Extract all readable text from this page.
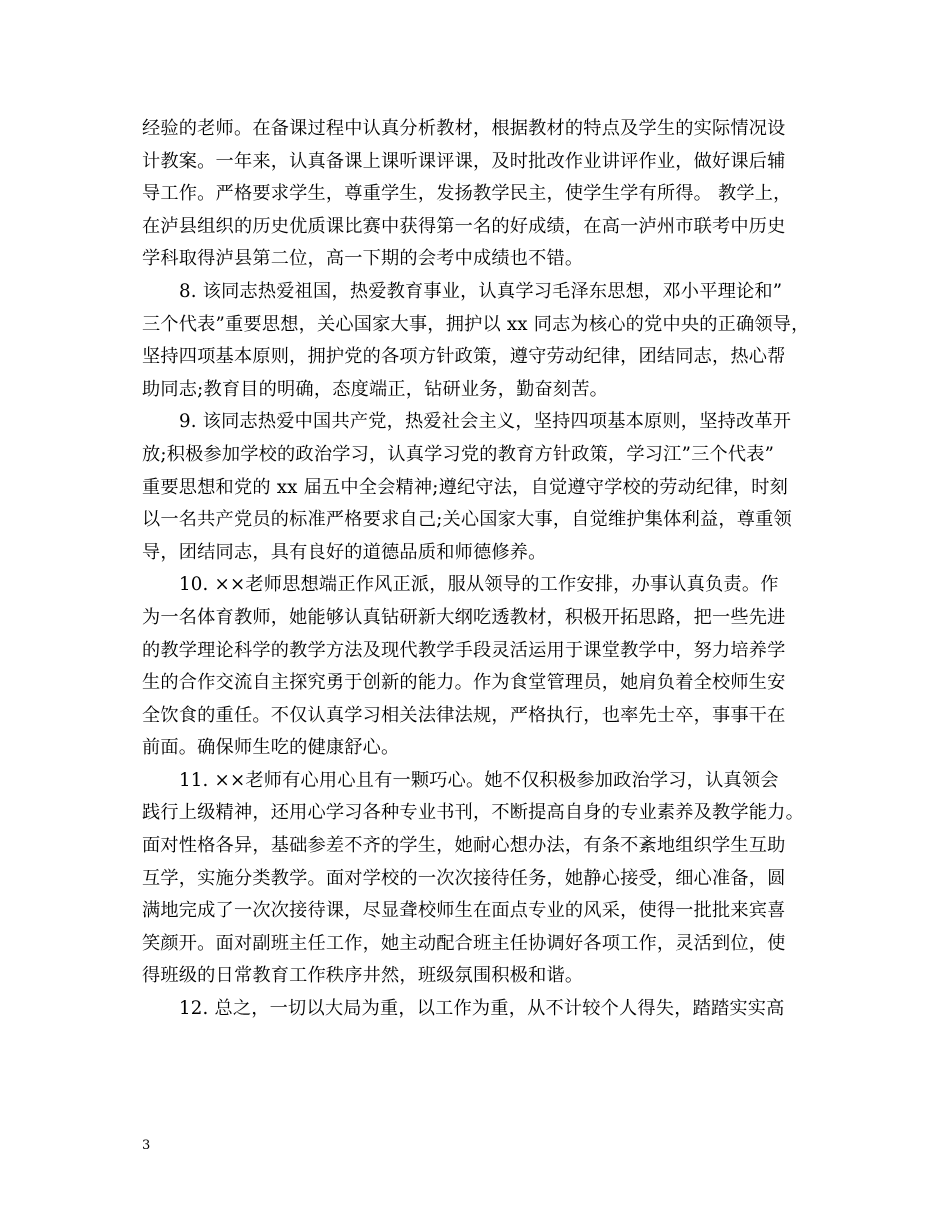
经验的老师。在备课过程中认真分析教材，根据教材的特点及学生的实际情况设
计教案。一年来，认真备课上课听课评课，及时批改作业讲评作业，做好课后辅
导工作。严格要求学生，尊重学生，发扬教学民主，使学生学有所得。 教学上，
在泸县组织的历史优质课比赛中获得第一名的好成绩，在高一泸州市联考中历史
学科取得泸县第二位，高一下期的会考中成绩也不错。
8. 该同志热爱祖国，热爱教育事业，认真学习毛泽东思想，邓小平理论和”
三个代表”重要思想，关心国家大事，拥护以 xx 同志为核心的党中央的正确领导，
坚持四项基本原则，拥护党的各项方针政策，遵守劳动纪律，团结同志，热心帮
助同志;教育目的明确，态度端正，钻研业务，勤奋刻苦。
9. 该同志热爱中国共产党，热爱社会主义，坚持四项基本原则，坚持改革开
放;积极参加学校的政治学习，认真学习党的教育方针政策，学习江”三个代表”
重要思想和党的 xx 届五中全会精神;遵纪守法，自觉遵守学校的劳动纪律，时刻
以一名共产党员的标准严格要求自己;关心国家大事，自觉维护集体利益，尊重领
导，团结同志，具有良好的道德品质和师德修养。
10. ××老师思想端正作风正派，服从领导的工作安排，办事认真负责。作
为一名体育教师，她能够认真钻研新大纲吃透教材，积极开拓思路，把一些先进
的教学理论科学的教学方法及现代教学手段灵活运用于课堂教学中，努力培养学
生的合作交流自主探究勇于创新的能力。作为食堂管理员，她肩负着全校师生安
全饮食的重任。不仅认真学习相关法律法规，严格执行，也率先士卒，事事干在
前面。确保师生吃的健康舒心。
11. ××老师有心用心且有一颗巧心。她不仅积极参加政治学习，认真领会
践行上级精神，还用心学习各种专业书刊，不断提高自身的专业素养及教学能力。
面对性格各异，基础参差不齐的学生，她耐心想办法，有条不紊地组织学生互助
互学，实施分类教学。面对学校的一次次接待任务，她静心接受，细心准备，圆
满地完成了一次次接待课，尽显聋校师生在面点专业的风采，使得一批批来宾喜
笑颜开。面对副班主任工作，她主动配合班主任协调好各项工作，灵活到位，使
得班级的日常教育工作秩序井然，班级氛围积极和谐。
12. 总之，一切以大局为重，以工作为重，从不计较个人得失，踏踏实实高
3
